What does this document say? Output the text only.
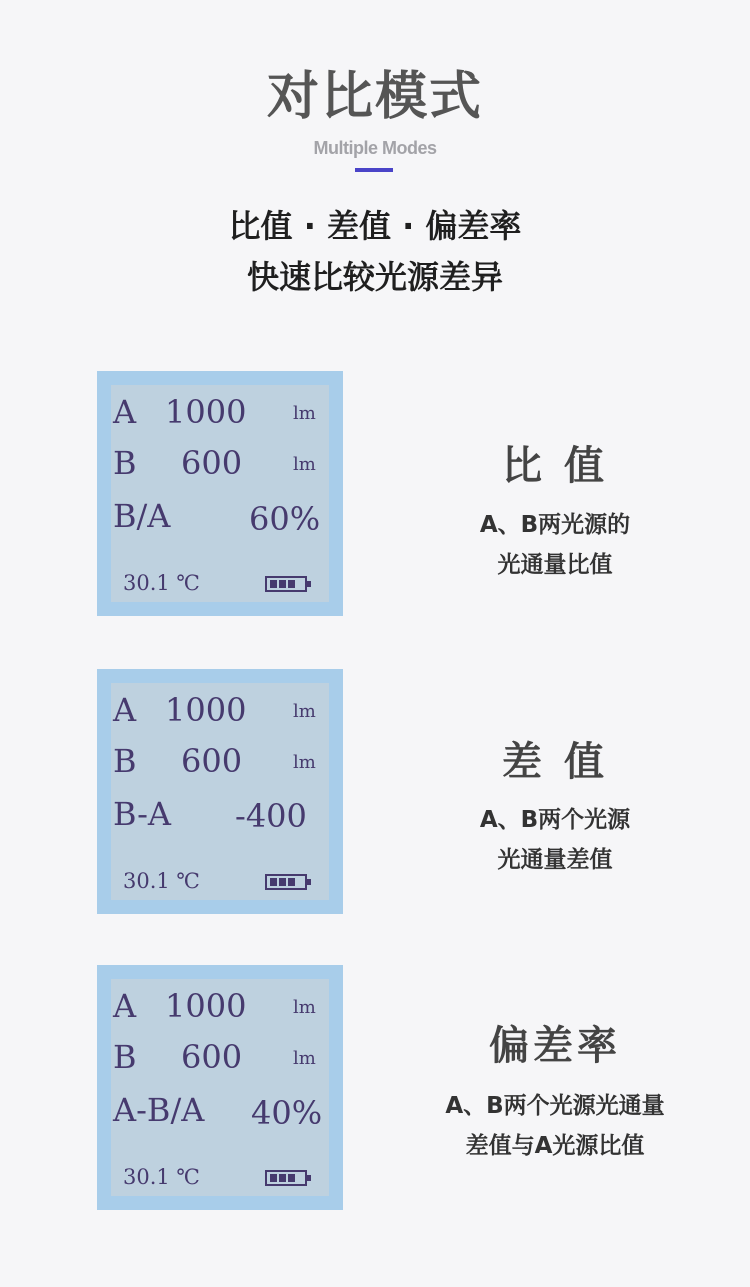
对比模式
Multiple Modes
比值 · 差值 · 偏差率
快速比较光源差异
A 1000	lm
B 600	lm
B/A 60%
30.1 ℃
比 值
A、B两光源的
光通量比值
A 1000	lm
B 600	lm
B-A -400
30.1 ℃
差 值
A、B两个光源
光通量差值
A 1000	lm
B 600	lm
A-B/A 40%
30.1 ℃
偏差率
A、B两个光源光通量
差值与A光源比值
